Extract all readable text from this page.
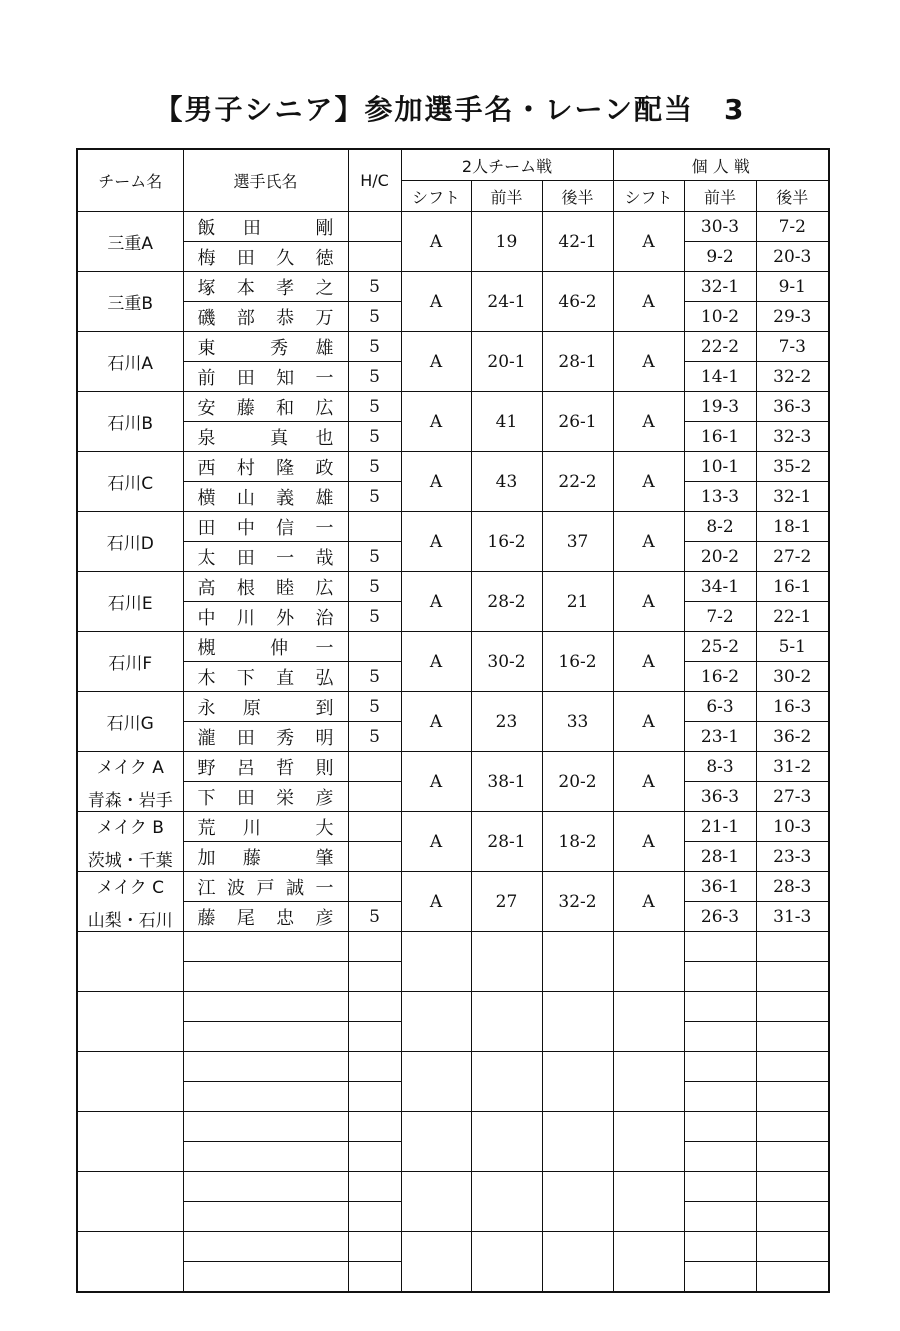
【男子シニア】参加選手名・レーン配当 3
チーム名	選手氏名	H/C	2人チーム戦			個 人 戦		
			シフト	前半	後半	シフト	前半	後半
三重A	飯 田 剛		A	19	42-1	A	30-3	7-2

	梅 田 久 徳						9-2	20-3
三重B	塚 本 孝 之	5	A	24-1	46-2	A	32-1	9-1

	磯 部 恭 万	5					10-2	29-3
石川A	東 秀 雄	5	A	20-1	28-1	A	22-2	7-3

	前 田 知 一	5					14-1	32-2
石川B	安 藤 和 広	5	A	41	26-1	A	19-3	36-3

	泉 真 也	5					16-1	32-3
石川C	西 村 隆 政	5	A	43	22-2	A	10-1	35-2

	横 山 義 雄	5					13-3	32-1
石川D	田 中 信 一		A	16-2	37	A	8-2	18-1

	太 田 一 哉	5					20-2	27-2
石川E	高 根 睦 広	5	A	28-2	21	A	34-1	16-1

	中 川 外 治	5					7-2	22-1
石川F	槻 伸 一		A	30-2	16-2	A	25-2	5-1

	木 下 直 弘	5					16-2	30-2
石川G	永 原 到	5	A	23	33	A	6-3	16-3

	瀧 田 秀 明	5					23-1	36-2
メイク A
青森・岩手	野 呂 哲 則		A	38-1	20-2	A	8-3	31-2

	下 田 栄 彦						36-3	27-3
メイク B
茨城・千葉	荒 川 大		A	28-1	18-2	A	21-1	10-3

	加 藤 肇						28-1	23-3
メイク C
山梨・石川	江 波 戸 誠 一		A	27	32-2	A	36-1	28-3

	藤 尾 忠 彦	5					26-3	31-3
